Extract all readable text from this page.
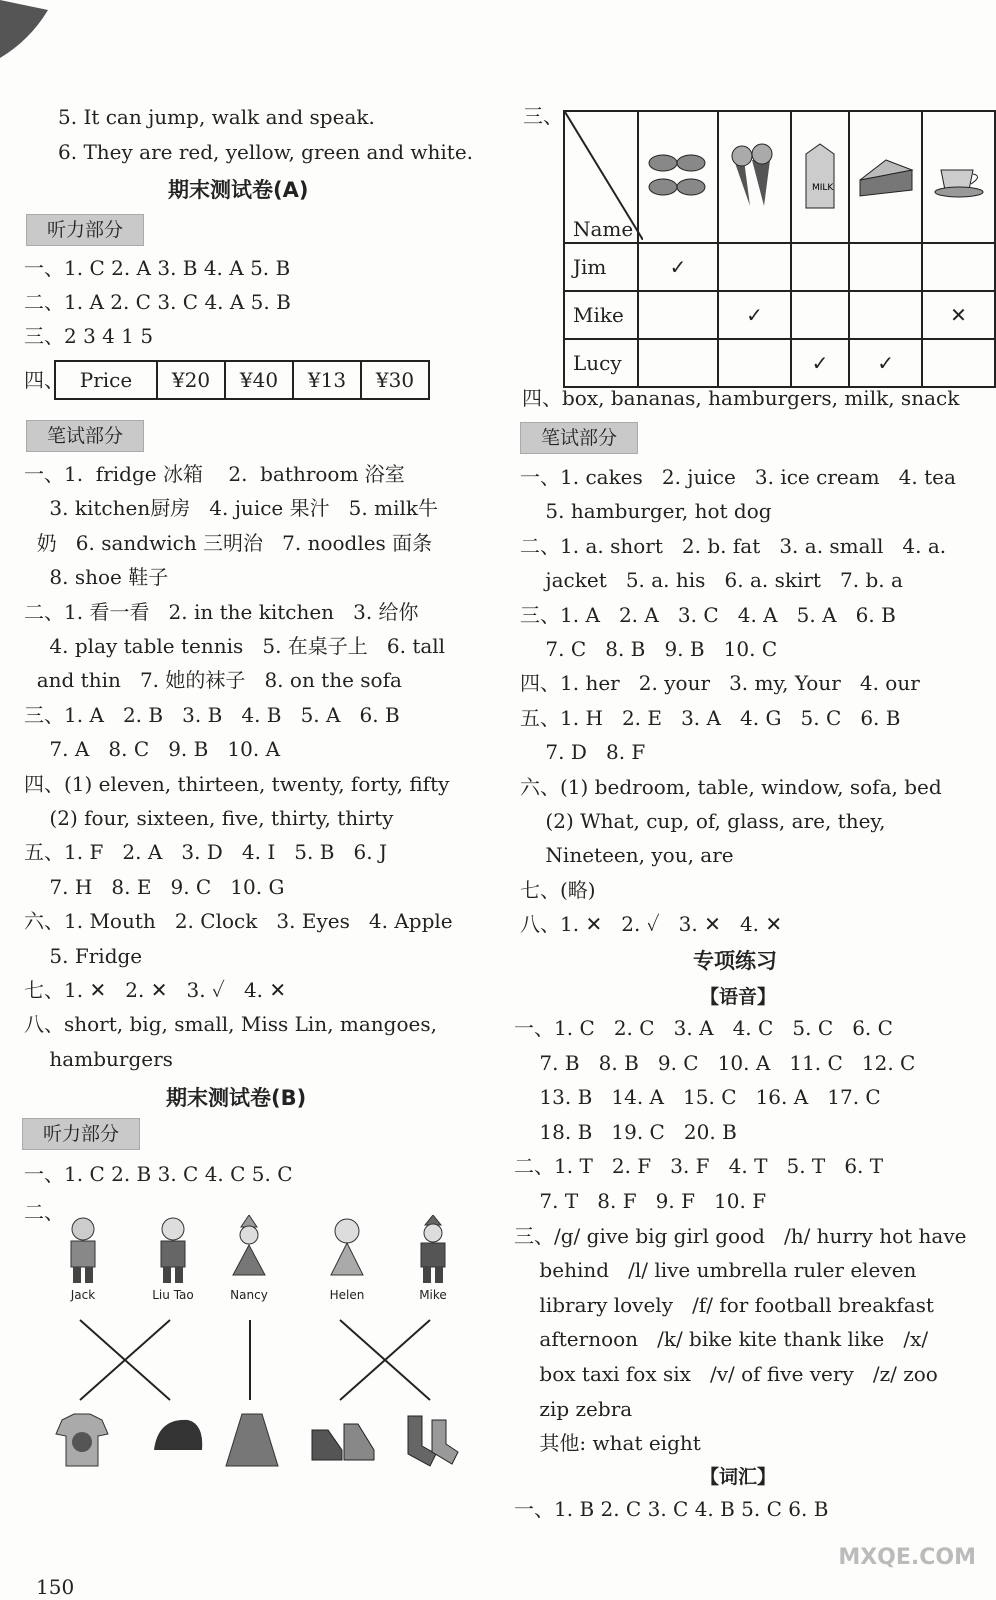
5. It can jump, walk and speak.
6. They are red, yellow, green and white.
期末测试卷(A)
听力部分
一、1. C 2. A 3. B 4. A 5. B
二、1. A 2. C 3. C 4. A 5. B
三、2 3 4 1 5
四、 Price	¥20	¥40	¥13	¥30
笔试部分
一、1.  fridge 冰箱    2.  bathroom 浴室
3. kitchen厨房   4. juice 果汁   5. milk牛
奶   6. sandwich 三明治   7. noodles 面条
8. shoe 鞋子
二、1. 看一看   2. in the kitchen   3. 给你
4. play table tennis   5. 在桌子上   6. tall
and thin   7. 她的袜子   8. on the sofa
三、1. A   2. B   3. B   4. B   5. A   6. B
7. A   8. C   9. B   10. A
四、(1) eleven, thirteen, twenty, forty, fifty
(2) four, sixteen, five, thirty, thirty
五、1. F   2. A   3. D   4. I   5. B   6. J
7. H   8. E   9. C   10. G
六、1. Mouth   2. Clock   3. Eyes   4. Apple
5. Fridge
七、1. ✕   2. ✕   3. ✓   4. ✕
八、short, big, small, Miss Lin, mangoes,
hamburgers
期末测试卷(B)
听力部分
一、1. C 2. B 3. C 4. C 5. C
二、
Jack	Liu Tao	Nancy	Helen	Mike
150
三、
Name			MILK

Jim	✓				
Mike		✓			✕
Lucy			✓	✓	
四、box, bananas, hamburgers, milk, snack
笔试部分
一、1. cakes   2. juice   3. ice cream   4. tea
5. hamburger, hot dog
二、1. a. short   2. b. fat   3. a. small   4. a.
jacket   5. a. his   6. a. skirt   7. b. a
三、1. A   2. A   3. C   4. A   5. A   6. B
7. C   8. B   9. B   10. C
四、1. her   2. your   3. my, Your   4. our
五、1. H   2. E   3. A   4. G   5. C   6. B
7. D   8. F
六、(1) bedroom, table, window, sofa, bed
(2) What, cup, of, glass, are, they,
Nineteen, you, are
七、(略)
八、1. ✕   2. ✓   3. ✕   4. ✕
专项练习
【语音】
一、1. C   2. C   3. A   4. C   5. C   6. C
7. B   8. B   9. C   10. A   11. C   12. C
13. B   14. A   15. C   16. A   17. C
18. B   19. C   20. B
二、1. T   2. F   3. F   4. T   5. T   6. T
7. T   8. F   9. F   10. F
三、/g/ give big girl good   /h/ hurry hot have
behind   /l/ live umbrella ruler eleven
library lovely   /f/ for football breakfast
afternoon   /k/ bike kite thank like   /x/
box taxi fox six   /v/ of five very   /z/ zoo
zip zebra
其他: what eight
【词汇】
一、1. B 2. C 3. C 4. B 5. C 6. B
MXQE.COM
